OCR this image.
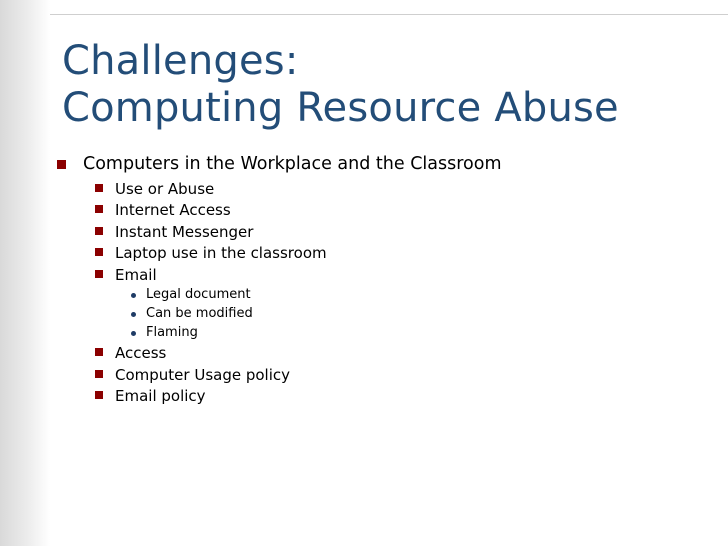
Challenges:
Computing Resource Abuse
Computers in the Workplace and the Classroom
Use or Abuse
Internet Access
Instant Messenger
Laptop use in the classroom
Email
Legal document
Can be modified
Flaming
Access
Computer Usage policy
Email policy
